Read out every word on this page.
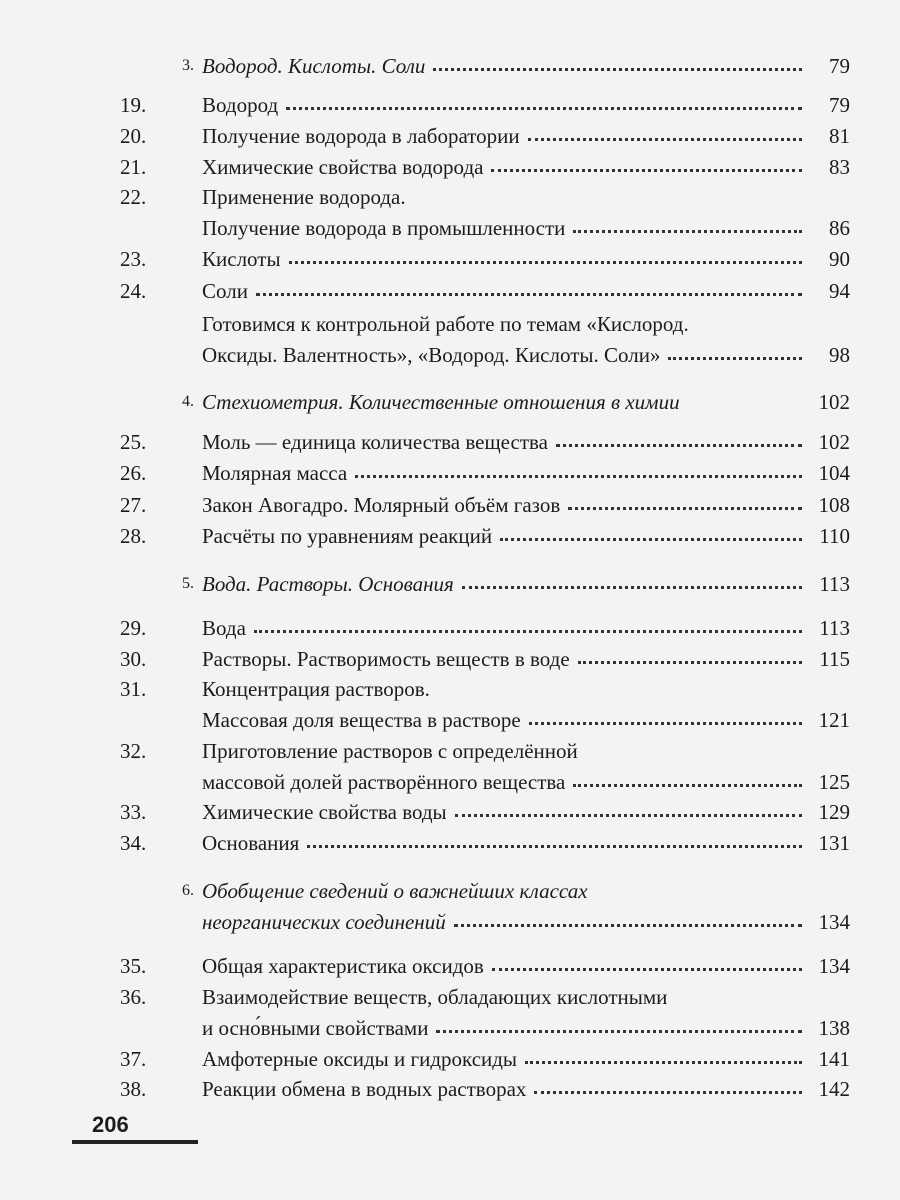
3. Водород. Кислоты. Соли	79
19.	Водород	79
20.	Получение водорода в лаборатории	81
21.	Химические свойства водорода	83
22.	Применение водорода.
Получение водорода в промышленности	86
23.	Кислоты	90
24.	Соли	94
Готовимся к контрольной работе по темам «Кислород.
Оксиды. Валентность», «Водород. Кислоты. Соли»	98
4. Стехиометрия. Количественные отношения в химии	102
25.	Моль — единица количества вещества	102
26.	Молярная масса	104
27.	Закон Авогадро. Молярный объём газов	108
28.	Расчёты по уравнениям реакций	110
5. Вода. Растворы. Основания	113
29.	Вода	113
30.	Растворы. Растворимость веществ в воде	115
31.	Концентрация растворов.
Массовая доля вещества в растворе	121
32.	Приготовление растворов с определённой
массовой долей растворённого вещества	125
33.	Химические свойства воды	129
34.	Основания	131
6. Обобщение сведений о важнейших классах
неорганических соединений	134
35.	Общая характеристика оксидов	134
36.	Взаимодействие веществ, обладающих кислотными
и осно́вными свойствами	138
37.	Амфотерные оксиды и гидроксиды	141
38.	Реакции обмена в водных растворах	142
206
